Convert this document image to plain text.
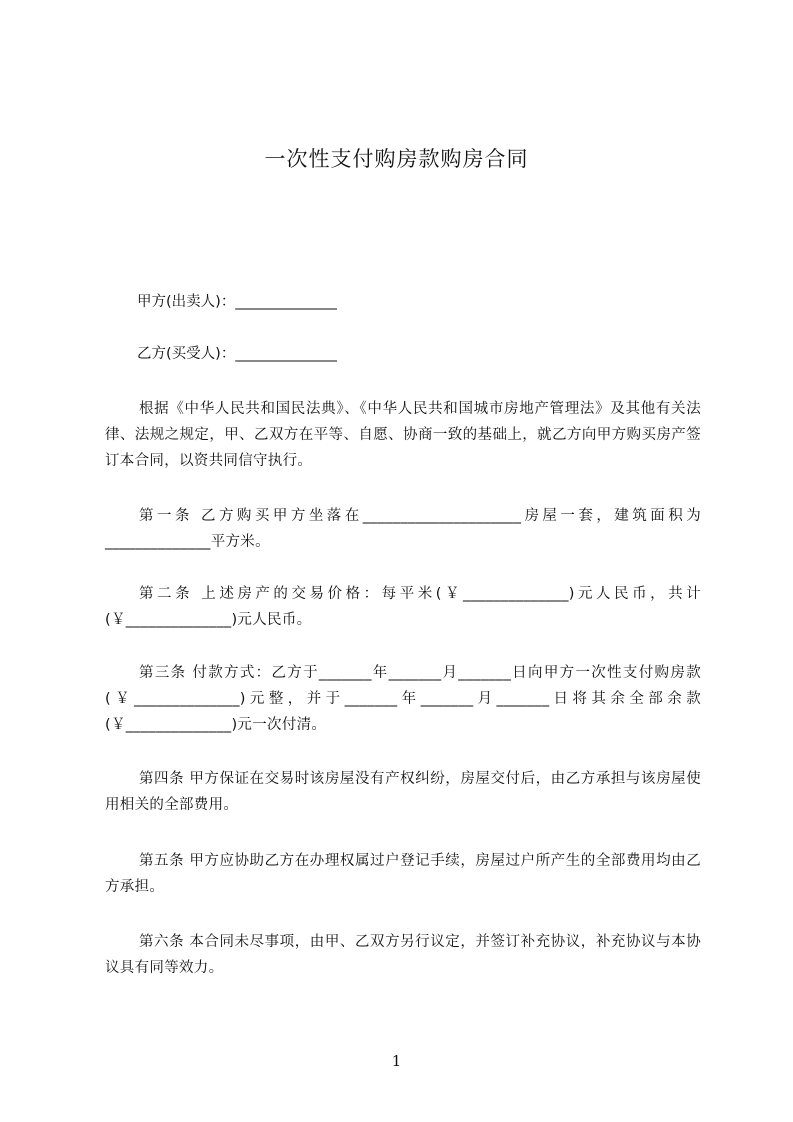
一次性支付购房款购房合同
甲方(出卖人)：______________
乙方(买受人)：______________

根据《中华人民共和国民法典》、《中华人民共和国城市房地产管理法》及其他有关法律、法规之规定，甲、乙双方在平等、自愿、协商一致的基础上，就乙方向甲方购买房产签订本合同，以资共同信守执行。

第一条 乙方购买甲方坐落在_____________________房屋一套，建筑面积为______________平方米。

第二条 上述房产的交易价格：每平米(￥______________)元人民币，共计(￥______________)元人民币。

第三条 付款方式：乙方于_______年_______月_______日向甲方一次性支付购房款(￥______________)元整，并于_______年_______月_______日将其余全部余款(￥______________)元一次付清。

第四条 甲方保证在交易时该房屋没有产权纠纷，房屋交付后，由乙方承担与该房屋使用相关的全部费用。

第五条 甲方应协助乙方在办理权属过户登记手续，房屋过户所产生的全部费用均由乙方承担。

第六条 本合同未尽事项，由甲、乙双方另行议定，并签订补充协议，补充协议与本协议具有同等效力。

1
